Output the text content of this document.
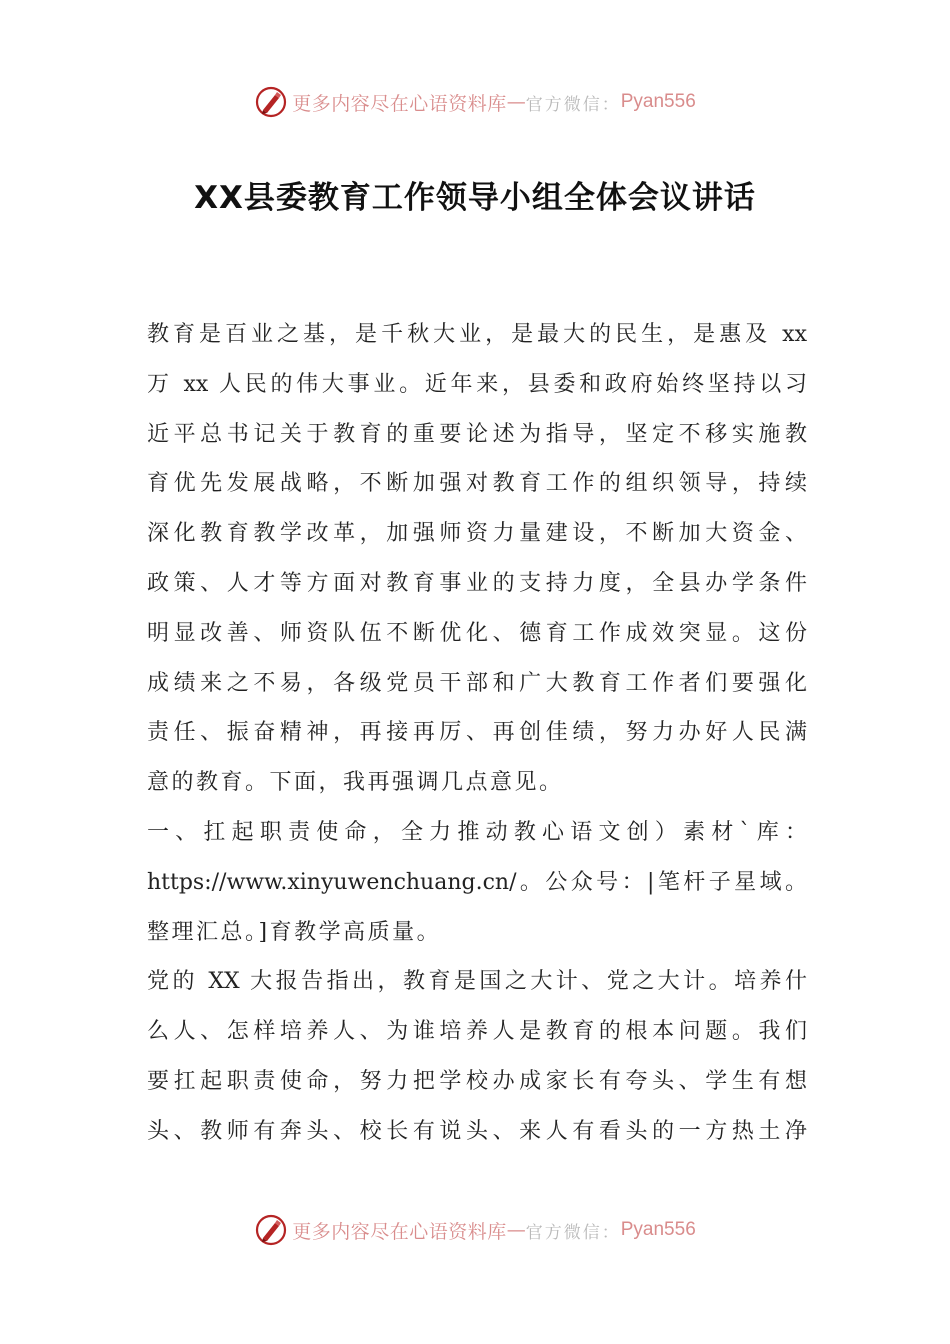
更多内容尽在心语资料库 — 官方微信： Pyan556
XX县委教育工作领导小组全体会议讲话
教育是百业之基，是千秋大业，是最大的民生，是惠及 xx
万 xx 人民的伟大事业。近年来，县委和政府始终坚持以习
近平总书记关于教育的重要论述为指导，坚定不移实施教
育优先发展战略，不断加强对教育工作的组织领导，持续
深化教育教学改革，加强师资力量建设，不断加大资金、
政策、人才等方面对教育事业的支持力度，全县办学条件
明显改善、师资队伍不断优化、德育工作成效突显。这份
成绩来之不易，各级党员干部和广大教育工作者们要强化
责任、振奋精神，再接再厉、再创佳绩，努力办好人民满
意的教育。下面，我再强调几点意见。
一、扛起职责使命，全力推动教心语文创）素材`库：
https://www.xinyuwenchuang.cn/。公众号：|笔杆子星域。
整理汇总。]育教学高质量。
党的 XX 大报告指出，教育是国之大计、党之大计。培养什
么人、怎样培养人、为谁培养人是教育的根本问题。我们
要扛起职责使命，努力把学校办成家长有夸头、学生有想
头、教师有奔头、校长有说头、来人有看头的一方热土净
更多内容尽在心语资料库 — 官方微信： Pyan556
